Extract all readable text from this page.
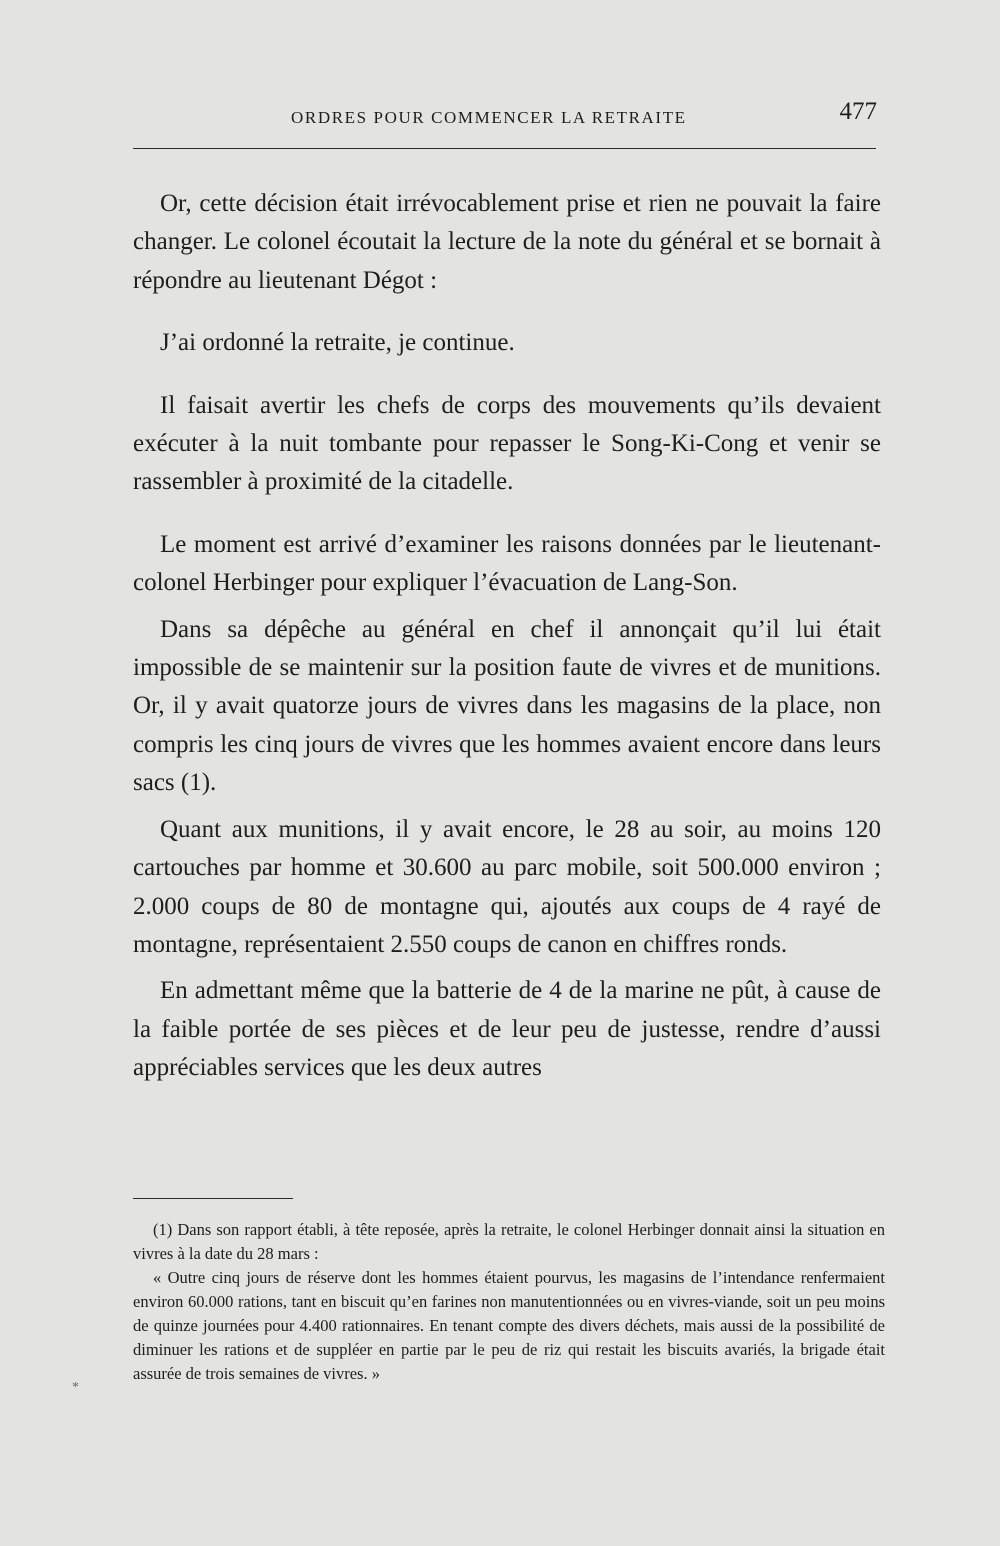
ORDRES POUR COMMENCER LA RETRAITE	477

Or, cette décision était irrévocablement prise et rien ne pouvait la faire changer. Le colonel écoutait la lecture de la note du général et se bornait à répondre au lieutenant Dégot :

J’ai ordonné la retraite, je continue.

Il faisait avertir les chefs de corps des mouvements qu’ils devaient exécuter à la nuit tombante pour repasser le Song-Ki-Cong et venir se rassembler à proximité de la citadelle.

Le moment est arrivé d’examiner les raisons données par le lieutenant-colonel Herbinger pour expliquer l’évacuation de Lang-Son.

Dans sa dépêche au général en chef il annonçait qu’il lui était impossible de se maintenir sur la position faute de vivres et de munitions. Or, il y avait quatorze jours de vivres dans les magasins de la place, non compris les cinq jours de vivres que les hommes avaient encore dans leurs sacs (1).

Quant aux munitions, il y avait encore, le 28 au soir, au moins 120 cartouches par homme et 30.600 au parc mobile, soit 500.000 environ ; 2.000 coups de 80 de montagne qui, ajoutés aux coups de 4 rayé de montagne, représentaient 2.550 coups de canon en chiffres ronds.

En admettant même que la batterie de 4 de la marine ne pût, à cause de la faible portée de ses pièces et de leur peu de justesse, rendre d’aussi appréciables services que les deux autres

(1) Dans son rapport établi, à tête reposée, après la retraite, le colonel Herbinger donnait ainsi la situation en vivres à la date du 28 mars :

« Outre cinq jours de réserve dont les hommes étaient pourvus, les magasins de l’intendance renfermaient environ 60.000 rations, tant en biscuit qu’en farines non manutentionnées ou en vivres-viande, soit un peu moins de quinze journées pour 4.400 rationnaires. En tenant compte des divers déchets, mais aussi de la possibilité de diminuer les rations et de suppléer en partie par le peu de riz qui restait les biscuits avariés, la brigade était assurée de trois semaines de vivres. »

*
